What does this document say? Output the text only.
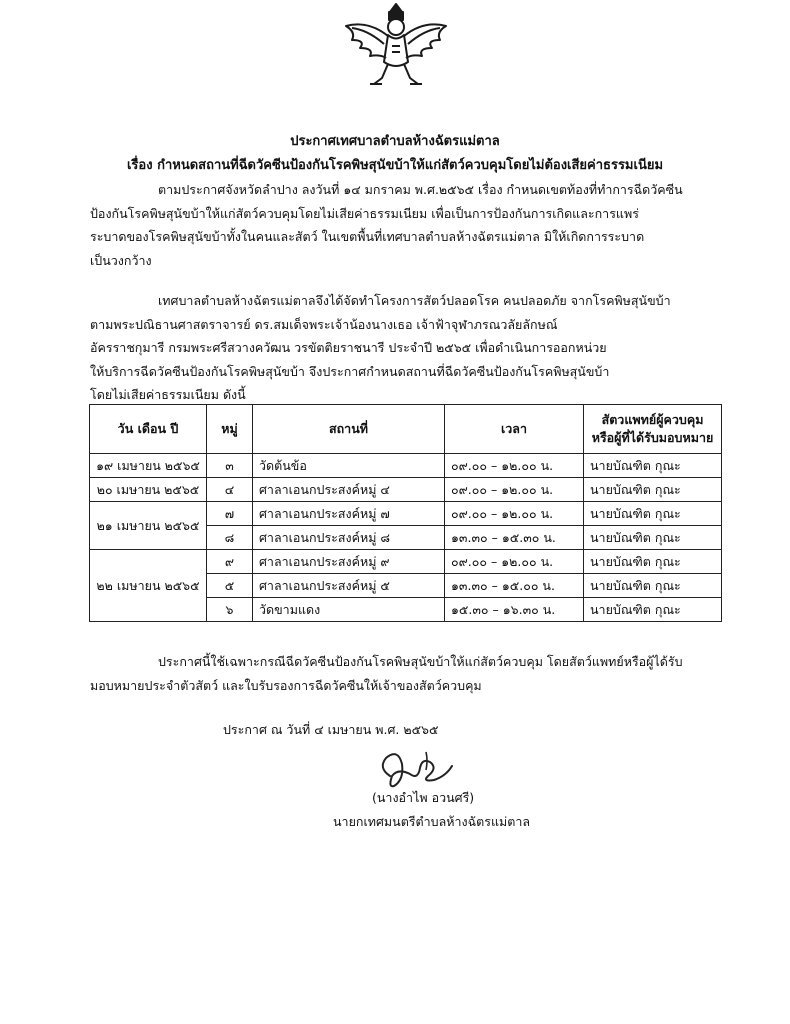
ประกาศเทศบาลตำบลห้างฉัตรแม่ตาล
เรื่อง กำหนดสถานที่ฉีดวัคซีนป้องกันโรคพิษสุนัขบ้าให้แก่สัตว์ควบคุมโดยไม่ต้องเสียค่าธรรมเนียม
ตามประกาศจังหวัดลำปาง ลงวันที่ ๑๔ มกราคม พ.ศ.๒๕๖๕ เรื่อง กำหนดเขตท้องที่ทำการฉีดวัคซีน
ป้องกันโรคพิษสุนัขบ้าให้แก่สัตว์ควบคุมโดยไม่เสียค่าธรรมเนียม เพื่อเป็นการป้องกันการเกิดและการแพร่
ระบาดของโรคพิษสุนัขบ้าทั้งในคนและสัตว์ ในเขตพื้นที่เทศบาลตำบลห้างฉัตรแม่ตาล มิให้เกิดการระบาด
เป็นวงกว้าง
เทศบาลตำบลห้างฉัตรแม่ตาลจึงได้จัดทำโครงการสัตว์ปลอดโรค คนปลอดภัย จากโรคพิษสุนัขบ้า
ตามพระปณิธานศาสตราจารย์ ดร.สมเด็จพระเจ้าน้องนางเธอ เจ้าฟ้าจุฬาภรณวลัยลักษณ์
อัครราชกุมารี กรมพระศรีสวางควัฒน วรขัตติยราชนารี ประจำปี ๒๕๖๕ เพื่อดำเนินการออกหน่วย
ให้บริการฉีดวัคซีนป้องกันโรคพิษสุนัขบ้า จึงประกาศกำหนดสถานที่ฉีดวัคซีนป้องกันโรคพิษสุนัขบ้า
โดยไม่เสียค่าธรรมเนียม ดังนี้
วัน เดือน ปี	หมู่	สถานที่	เวลา	สัตวแพทย์ผู้ควบคุม
หรือผู้ที่ได้รับมอบหมาย

๑๙ เมษายน ๒๕๖๕	๓	วัดต้นข้อ	๐๙.๐๐ – ๑๒.๐๐ น.	นายบัณฑิต กุณะ
๒๐ เมษายน ๒๕๖๕	๔	ศาลาเอนกประสงค์หมู่ ๔	๐๙.๐๐ – ๑๒.๐๐ น.	นายบัณฑิต กุณะ
๒๑ เมษายน ๒๕๖๕	๗	ศาลาเอนกประสงค์หมู่ ๗	๐๙.๐๐ – ๑๒.๐๐ น.	นายบัณฑิต กุณะ
	๘	ศาลาเอนกประสงค์หมู่ ๘	๑๓.๓๐ – ๑๕.๓๐ น.	นายบัณฑิต กุณะ
๒๒ เมษายน ๒๕๖๕	๙	ศาลาเอนกประสงค์หมู่ ๙	๐๙.๐๐ – ๑๒.๐๐ น.	นายบัณฑิต กุณะ
	๕	ศาลาเอนกประสงค์หมู่ ๕	๑๓.๓๐ – ๑๕.๐๐ น.	นายบัณฑิต กุณะ
	๖	วัดขามแดง	๑๕.๓๐ – ๑๖.๓๐ น.	นายบัณฑิต กุณะ
ประกาศนี้ใช้เฉพาะกรณีฉีดวัคซีนป้องกันโรคพิษสุนัขบ้าให้แก่สัตว์ควบคุม โดยสัตว์แพทย์หรือผู้ได้รับ
มอบหมายประจำตัวสัตว์ และใบรับรองการฉีดวัคซีนให้เจ้าของสัตว์ควบคุม
ประกาศ ณ วันที่ ๔ เมษายน พ.ศ. ๒๕๖๕
(นางอำไพ อวนศรี)
นายกเทศมนตรีตำบลห้างฉัตรแม่ตาล
